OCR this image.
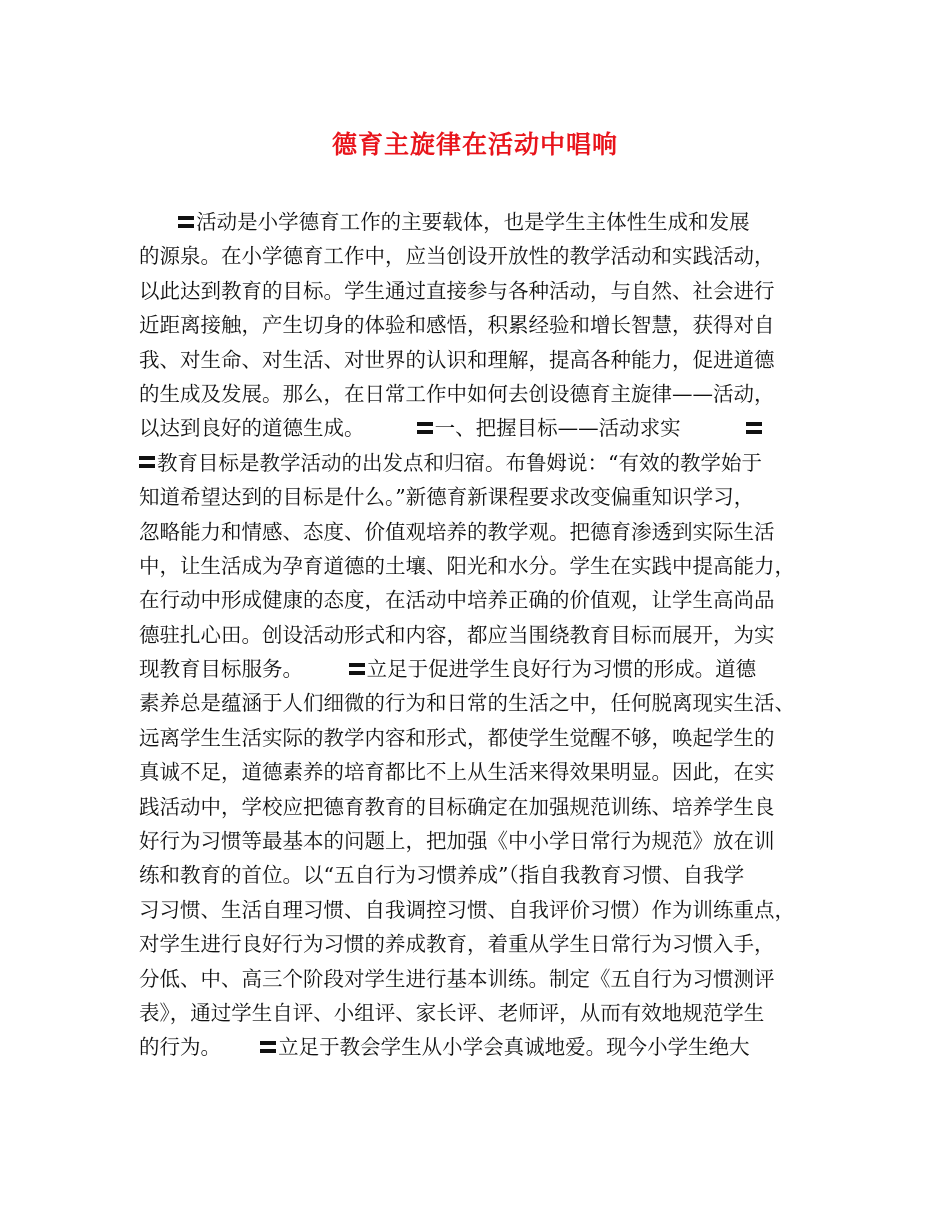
德育主旋律在活动中唱响
活动是小学德育工作的主要载体，也是学生主体性生成和发展
的源泉。在小学德育工作中，应当创设开放性的教学活动和实践活动，
以此达到教育的目标。学生通过直接参与各种活动，与自然、社会进行
近距离接触，产生切身的体验和感悟，积累经验和增长智慧，获得对自
我、对生命、对生活、对世界的认识和理解，提高各种能力，促进道德
的生成及发展。那么，在日常工作中如何去创设德育主旋律——活动，
以达到良好的道德生成。        一、把握目标——活动求实
教育目标是教学活动的出发点和归宿。布鲁姆说：“有效的教学始于
知道希望达到的目标是什么。”新德育新课程要求改变偏重知识学习，
忽略能力和情感、态度、价值观培养的教学观。把德育渗透到实际生活
中，让生活成为孕育道德的土壤、阳光和水分。学生在实践中提高能力，
在行动中形成健康的态度，在活动中培养正确的价值观，让学生高尚品
德驻扎心田。创设活动形式和内容，都应当围绕教育目标而展开，为实
现教育目标服务。       立足于促进学生良好行为习惯的形成。道德
素养总是蕴涵于人们细微的行为和日常的生活之中，任何脱离现实生活、
远离学生生活实际的教学内容和形式，都使学生觉醒不够，唤起学生的
真诚不足，道德素养的培育都比不上从生活来得效果明显。因此，在实
践活动中，学校应把德育教育的目标确定在加强规范训练、培养学生良
好行为习惯等最基本的问题上，把加强《中小学日常行为规范》放在训
练和教育的首位。以“五自行为习惯养成”（指自我教育习惯、自我学
习习惯、生活自理习惯、自我调控习惯、自我评价习惯）作为训练重点，
对学生进行良好行为习惯的养成教育，着重从学生日常行为习惯入手，
分低、中、高三个阶段对学生进行基本训练。制定《五自行为习惯测评
表》，通过学生自评、小组评、家长评、老师评，从而有效地规范学生
的行为。      立足于教会学生从小学会真诚地爱。现今小学生绝大
